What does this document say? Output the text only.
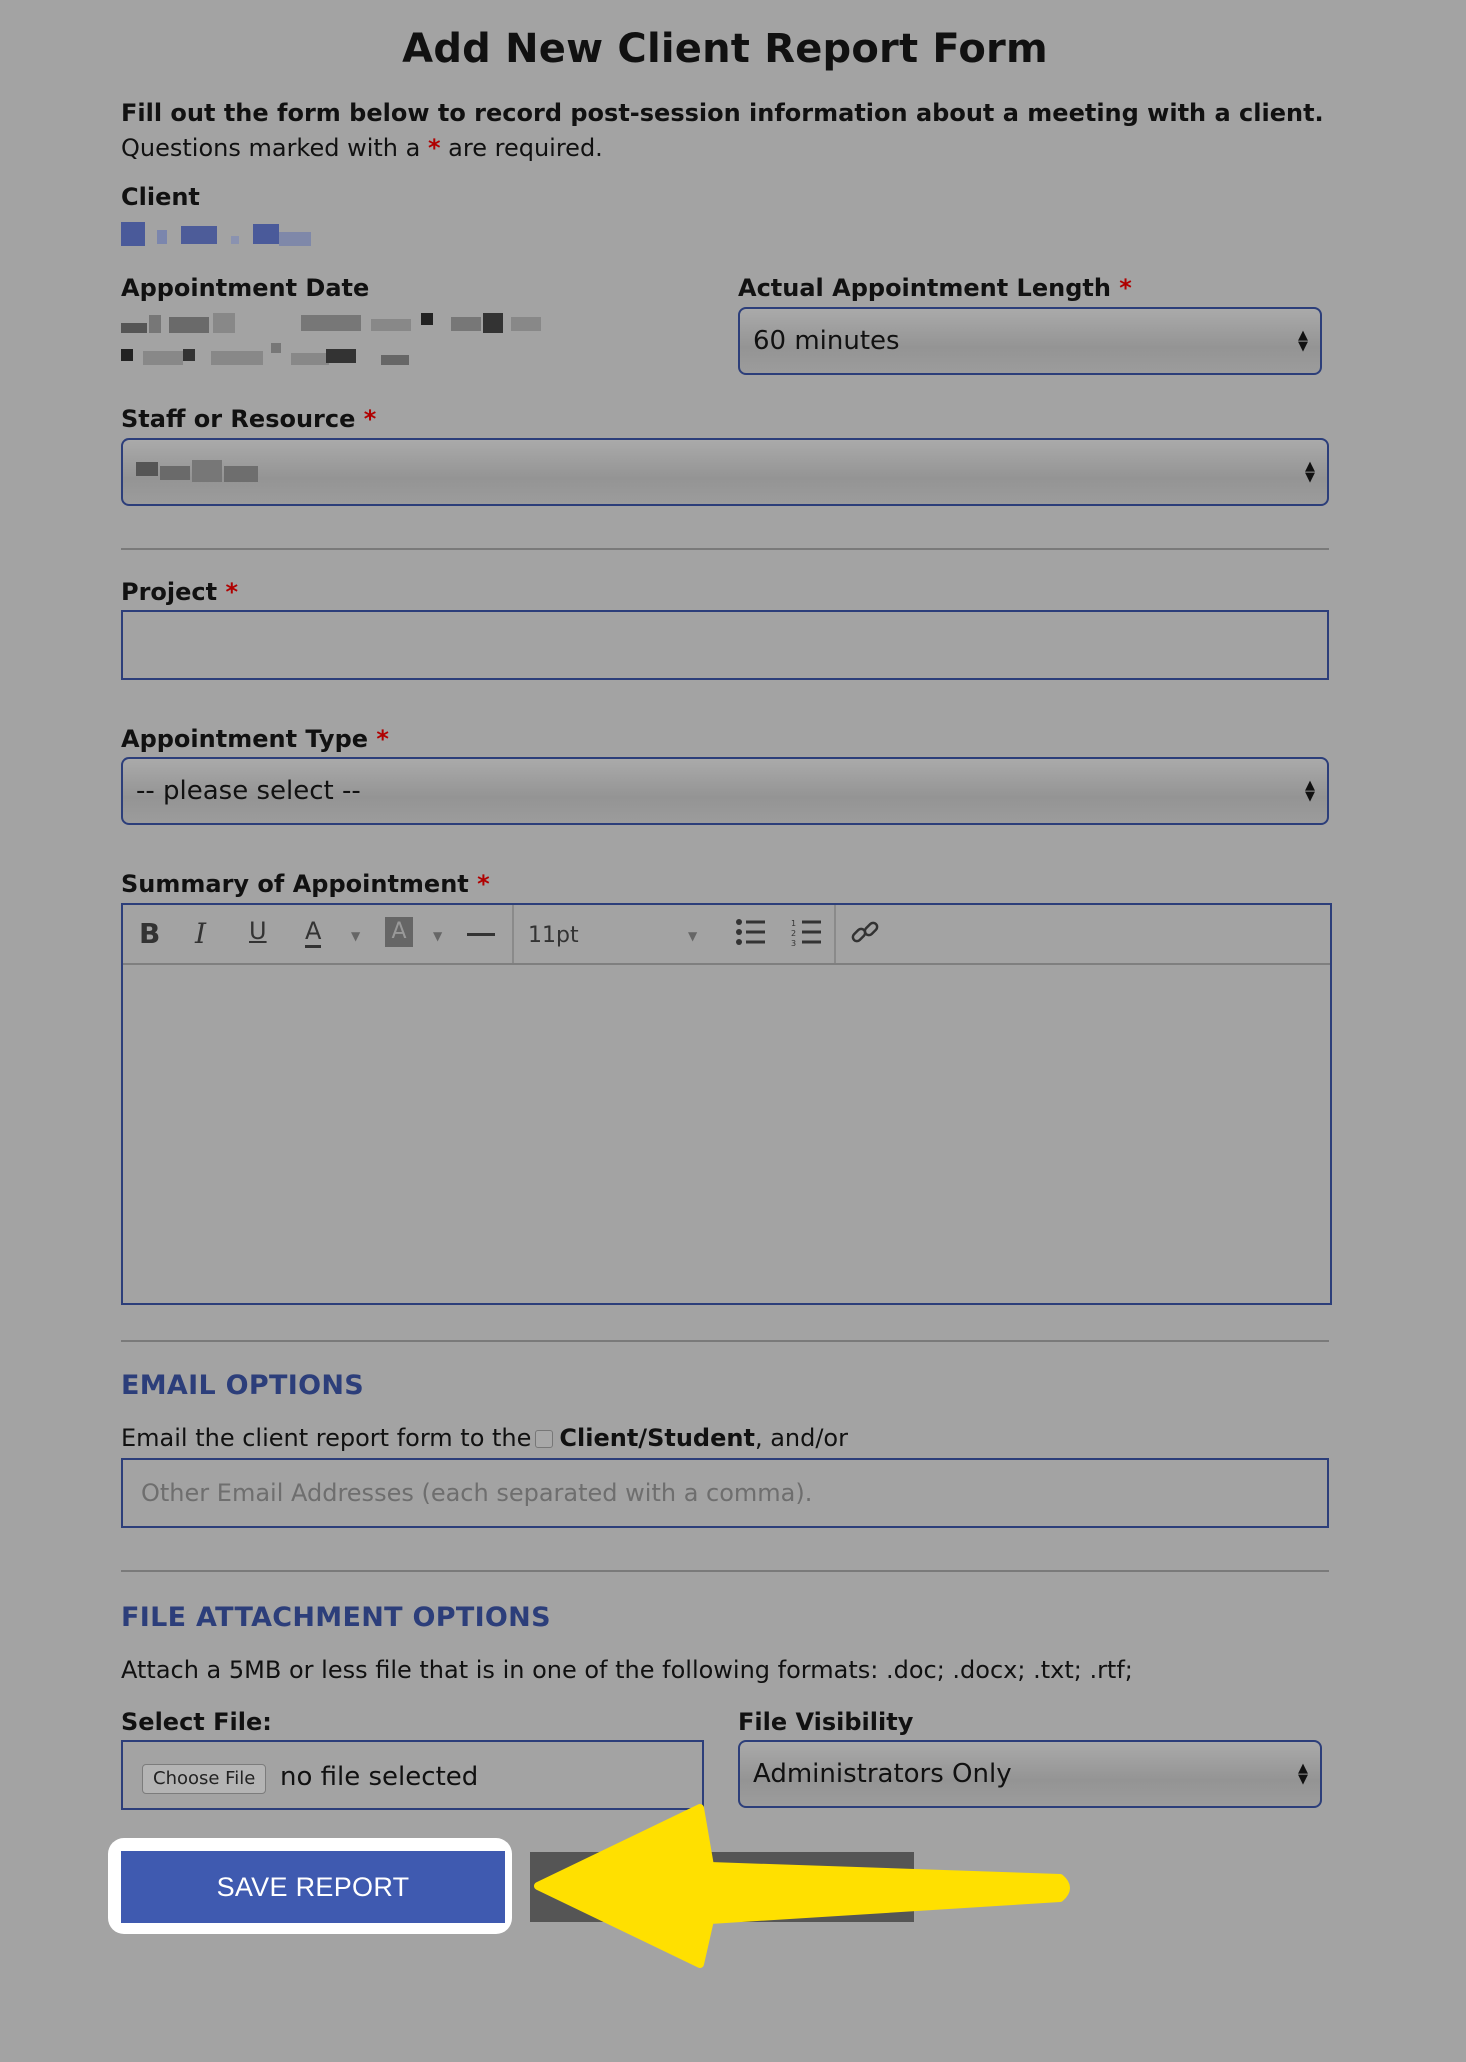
Add New Client Report Form
Fill out the form below to record post-session information about a meeting with a client. Questions marked with a * are required.
Client
Appointment Date	Actual Appointment Length *
60 minutes	▲
▼
Staff or Resource *
▲
▼
Project *
Appointment Type *
-- please select --	▲
▼
Summary of Appointment *
B I U A ▼ A	▼	11pt	▼
1
2
3
EMAIL OPTIONS
Email the client report form to the Client/Student, and/or
Other Email Addresses (each separated with a comma).
FILE ATTACHMENT OPTIONS
Attach a 5MB or less file that is in one of the following formats: .doc; .docx; .txt; .rtf;
Select File:
Choose File no file selected
File Visibility
Administrators Only	▲
▼
SAVE REPORT
